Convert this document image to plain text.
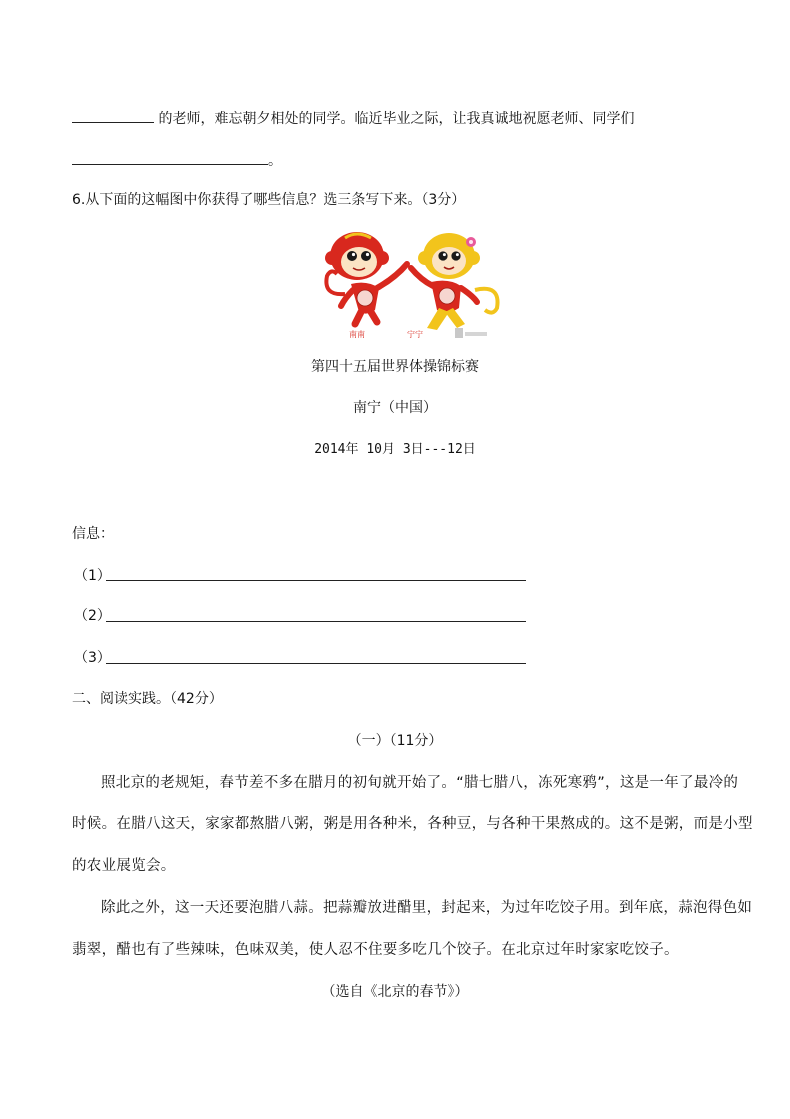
的老师，难忘朝夕相处的同学。临近毕业之际，让我真诚地祝愿老师、同学们
。
6.从下面的这幅图中你获得了哪些信息？选三条写下来。（3分）
南南	宁宁
第四十五届世界体操锦标赛
南宁（中国）
2014年 10月 3日---12日
信息：
（1）
（2）
（3）
二、阅读实践。（42分）
（一）（11分）
照北京的老规矩，春节差不多在腊月的初旬就开始了。“腊七腊八，冻死寒鸦”，这是一年了最冷的
时候。在腊八这天，家家都熬腊八粥，粥是用各种米，各种豆，与各种干果熬成的。这不是粥，而是小型
的农业展览会。
除此之外，这一天还要泡腊八蒜。把蒜瓣放进醋里，封起来，为过年吃饺子用。到年底，蒜泡得色如
翡翠，醋也有了些辣味，色味双美，使人忍不住要多吃几个饺子。在北京过年时家家吃饺子。
（选自《北京的春节》）
